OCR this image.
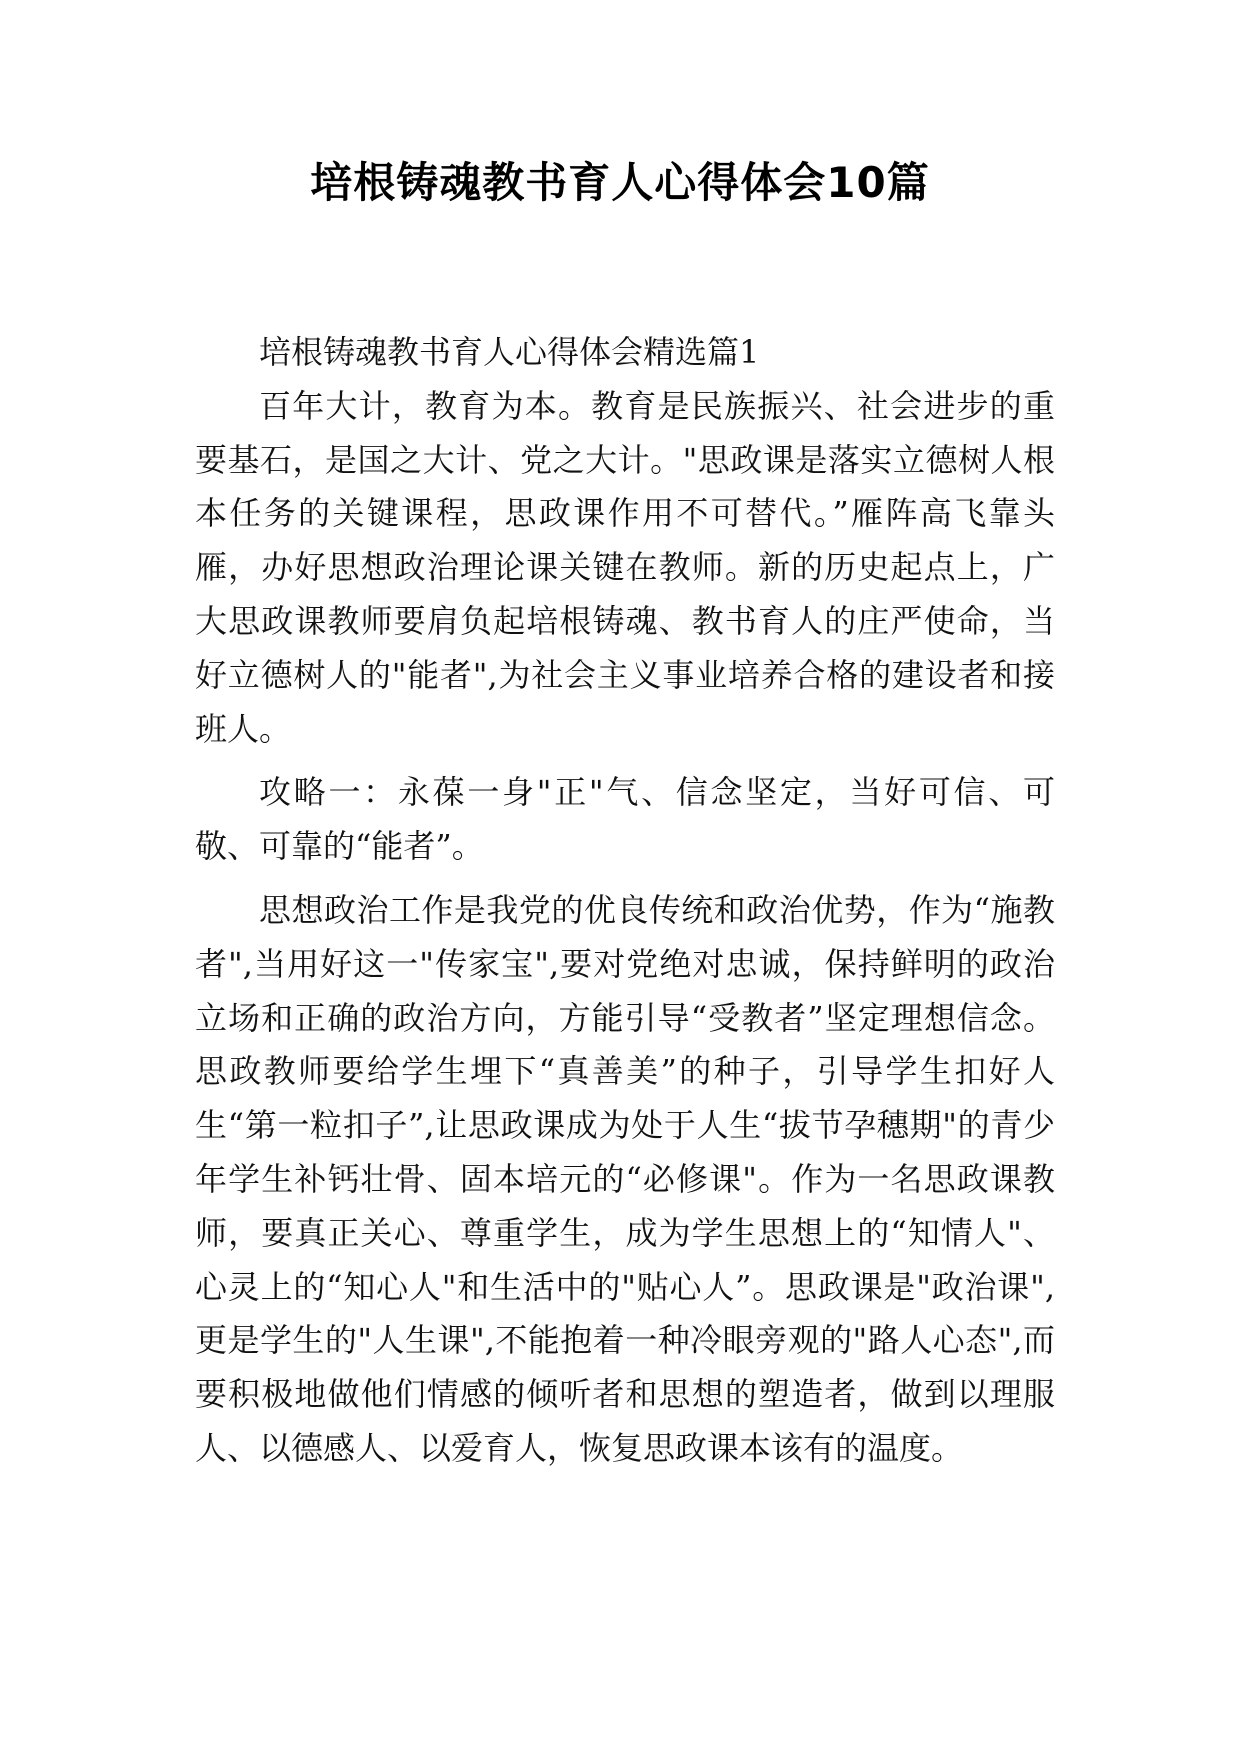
培根铸魂教书育人心得体会10篇

培根铸魂教书育人心得体会精选篇1

百年大计，教育为本。教育是民族振兴、社会进步的重要基石，是国之大计、党之大计。"思政课是落实立德树人根本任务的关键课程，思政课作用不可替代。”雁阵高飞靠头雁，办好思想政治理论课关键在教师。新的历史起点上，广大思政课教师要肩负起培根铸魂、教书育人的庄严使命，当好立德树人的"能者",为社会主义事业培养合格的建设者和接班人。

攻略一：永葆一身"正"气、信念坚定，当好可信、可敬、可靠的“能者”。

思想政治工作是我党的优良传统和政治优势，作为“施教者",当用好这一"传家宝",要对党绝对忠诚，保持鲜明的政治立场和正确的政治方向，方能引导“受教者”坚定理想信念。思政教师要给学生埋下“真善美”的种子，引导学生扣好人生“第一粒扣子”,让思政课成为处于人生“拔节孕穗期"的青少年学生补钙壮骨、固本培元的“必修课"。作为一名思政课教师，要真正关心、尊重学生，成为学生思想上的“知情人"、心灵上的“知心人"和生活中的"贴心人”。思政课是"政治课",更是学生的"人生课",不能抱着一种冷眼旁观的"路人心态",而要积极地做他们情感的倾听者和思想的塑造者，做到以理服人、以德感人、以爱育人，恢复思政课本该有的温度。
